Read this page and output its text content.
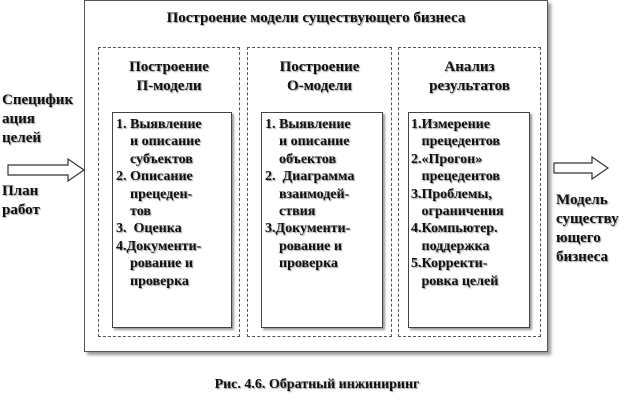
Построение модели существующего бизнеса
Построение
П-модели
1. Выявление
и описание
субъектов
2. Описание
прецеден-
тов
3.  Оценка
4.Документи-
рование и
проверка
Построение
О-модели
1. Выявление
и описание
объектов
2.  Диаграмма
взаимодей-
ствия
3.Документи-
рование и
проверка
Анализ
результатов
1.Измерение
прецедентов
2.«Прогон»
прецедентов
3.Проблемы,
ограничения
4.Компьютер.
поддержка
5.Корректи-
ровка целей
Специфик
ация
целей
План
работ
Модель
существу
ющего
бизнеса
Рис. 4.6. Обратный инжиниринг
